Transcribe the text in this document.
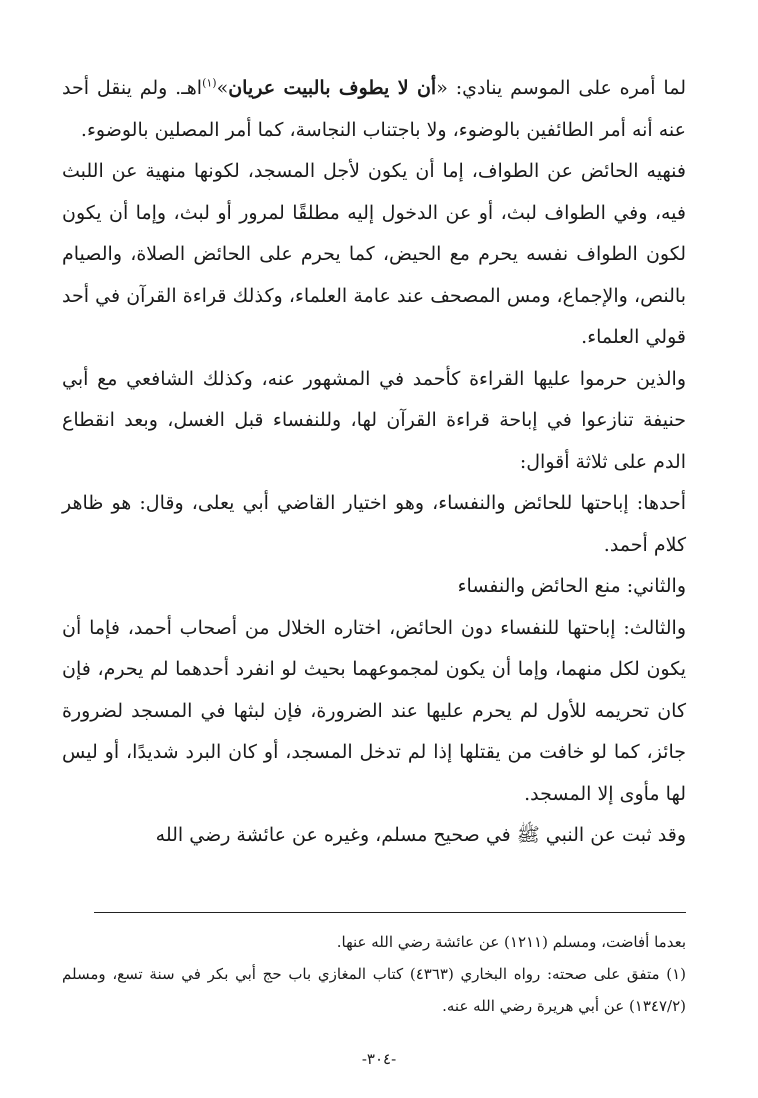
لما أمره على الموسم ينادي: «أن لا يطوف بالبيت عريان»$^{(١)}$اهـ. ولم ينقل أحد عنه أنه أمر الطائفين بالوضوء، ولا باجتناب النجاسة، كما أمر المصلين بالوضوء.

فنهيه الحائض عن الطواف، إما أن يكون لأجل المسجد، لكونها منهية عن اللبث فيه، وفي الطواف لبث، أو عن الدخول إليه مطلقًا لمرور أو لبث، وإما أن يكون لكون الطواف نفسه يحرم مع الحيض، كما يحرم على الحائض الصلاة، والصيام بالنص، والإجماع، ومس المصحف عند عامة العلماء، وكذلك قراءة القرآن في أحد قولي العلماء.

والذين حرموا عليها القراءة كأحمد في المشهور عنه، وكذلك الشافعي مع أبي حنيفة تنازعوا في إباحة قراءة القرآن لها، وللنفساء قبل الغسل، وبعد انقطاع الدم على ثلاثة أقوال:

أحدها: إباحتها للحائض والنفساء، وهو اختيار القاضي أبي يعلى، وقال: هو ظاهر كلام أحمد.

والثاني: منع الحائض والنفساء

والثالث: إباحتها للنفساء دون الحائض، اختاره الخلال من أصحاب أحمد، فإما أن يكون لكل منهما، وإما أن يكون لمجموعهما بحيث لو انفرد أحدهما لم يحرم، فإن كان تحريمه للأول لم يحرم عليها عند الضرورة، فإن لبثها في المسجد لضرورة جائز، كما لو خافت من يقتلها إذا لم تدخل المسجد، أو كان البرد شديدًا، أو ليس لها مأوى إلا المسجد.

وقد ثبت عن النبي ﷺ في صحيح مسلم، وغيره عن عائشة رضي الله

بعدما أفاضت، ومسلم (١٢١١) عن عائشة رضي الله عنها.

(١) متفق على صحته: رواه البخاري (٤٣٦٣) كتاب المغازي باب حج أبي بكر في سنة تسع، ومسلم (١٣٤٧/٢) عن أبي هريرة رضي الله عنه.

-٣٠٤-
